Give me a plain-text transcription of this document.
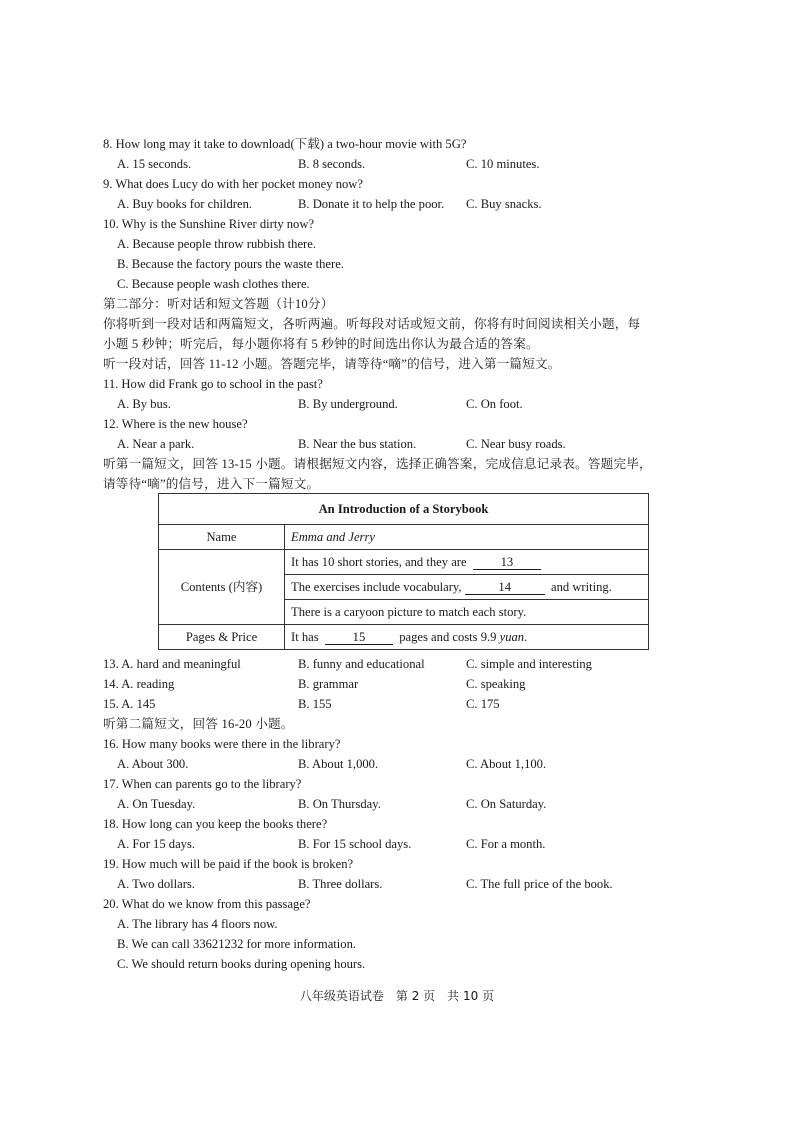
8. How long may it take to download(下载) a two-hour movie with 5G?
A. 15 seconds.	B. 8 seconds.	C. 10 minutes.
9. What does Lucy do with her pocket money now?
A. Buy books for children.	B. Donate it to help the poor. C. Buy snacks.
10. Why is the Sunshine River dirty now?
A. Because people throw rubbish there.
B. Because the factory pours the waste there.
C. Because people wash clothes there.
第二部分：听对话和短文答题（计10分）
你将听到一段对话和两篇短文，各听两遍。听每段对话或短文前，你将有时间阅读相关小题，每
小题 5 秒钟；听完后，每小题你将有 5 秒钟的时间选出你认为最合适的答案。
听一段对话，回答 11-12 小题。答题完毕，请等待“嘀”的信号，进入第一篇短文。
11. How did Frank go to school in the past?
A. By bus.	B. By underground.	C. On foot.
12. Where is the new house?
A. Near a park.	B. Near the bus station.	C. Near busy roads.
听第一篇短文，回答 13-15 小题。请根据短文内容，选择正确答案，完成信息记录表。答题完毕，
请等待“嘀”的信号，进入下一篇短文。
An Introduction of a Storybook	
Name	Emma and Jerry
Contents (内容)	It has 10 short stories, and they are 13
	The exercises include vocabulary, 14 and writing.
	There is a caryoon picture to match each story.
Pages & Price	It has 15 pages and costs 9.9 yuan.
13. A. hard and meaningful	B. funny and educational	C. simple and interesting
14. A. reading	B. grammar	C. speaking
15. A. 145	B. 155	C. 175
听第二篇短文，回答 16-20 小题。
16. How many books were there in the library?
A. About 300.	B. About 1,000.	C. About 1,100.
17. When can parents go to the library?
A. On Tuesday.	B. On Thursday.	C. On Saturday.
18. How long can you keep the books there?
A. For 15 days.	B. For 15 school days.	C. For a month.
19. How much will be paid if the book is broken?
A. Two dollars.	B. Three dollars.	C. The full price of the book.
20. What do we know from this passage?
A. The library has 4 floors now.
B. We can call 33621232 for more information.
C. We should return books during opening hours.
八年级英语试卷　第 2 页　共 10 页
